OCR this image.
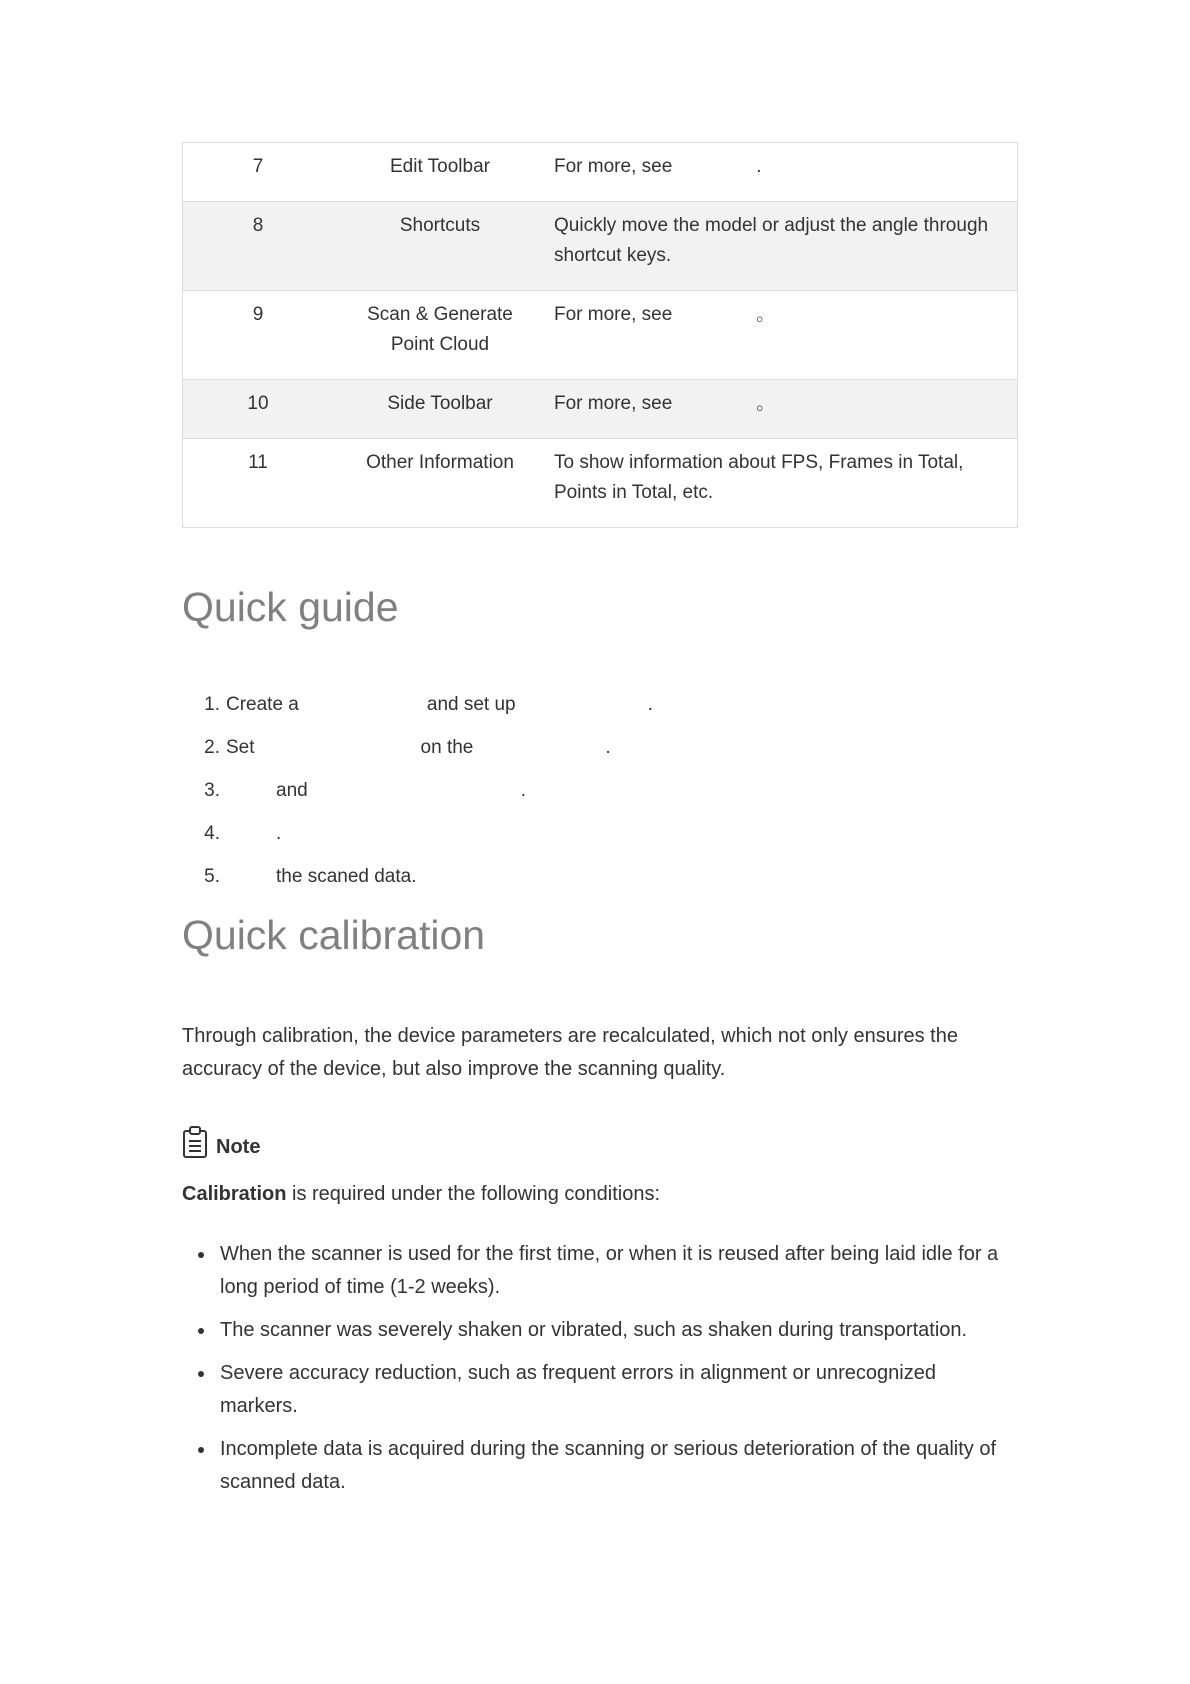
7	Edit Toolbar	For more, see .
8	Shortcuts	Quickly move the model or adjust the angle through shortcut keys.
9	Scan & Generate Point Cloud	For more, see 。
10	Side Toolbar	For more, see 。
11	Other Information	To show information about FPS, Frames in Total, Points in Total, etc.
Quick guide
1. Create a	and set up	.
2. Set	on the	.
3.	and	.
4.	.
5.	the scaned data.
Quick calibration

Through calibration, the device parameters are recalculated, which not only ensures the accuracy of the device, but also improve the scanning quality.

Note

Calibration is required under the following conditions:

When the scanner is used for the first time, or when it is reused after being laid idle for a long period of time (1-2 weeks).
The scanner was severely shaken or vibrated, such as shaken during transportation.
Severe accuracy reduction, such as frequent errors in alignment or unrecognized markers.
Incomplete data is acquired during the scanning or serious deterioration of the quality of scanned data.
